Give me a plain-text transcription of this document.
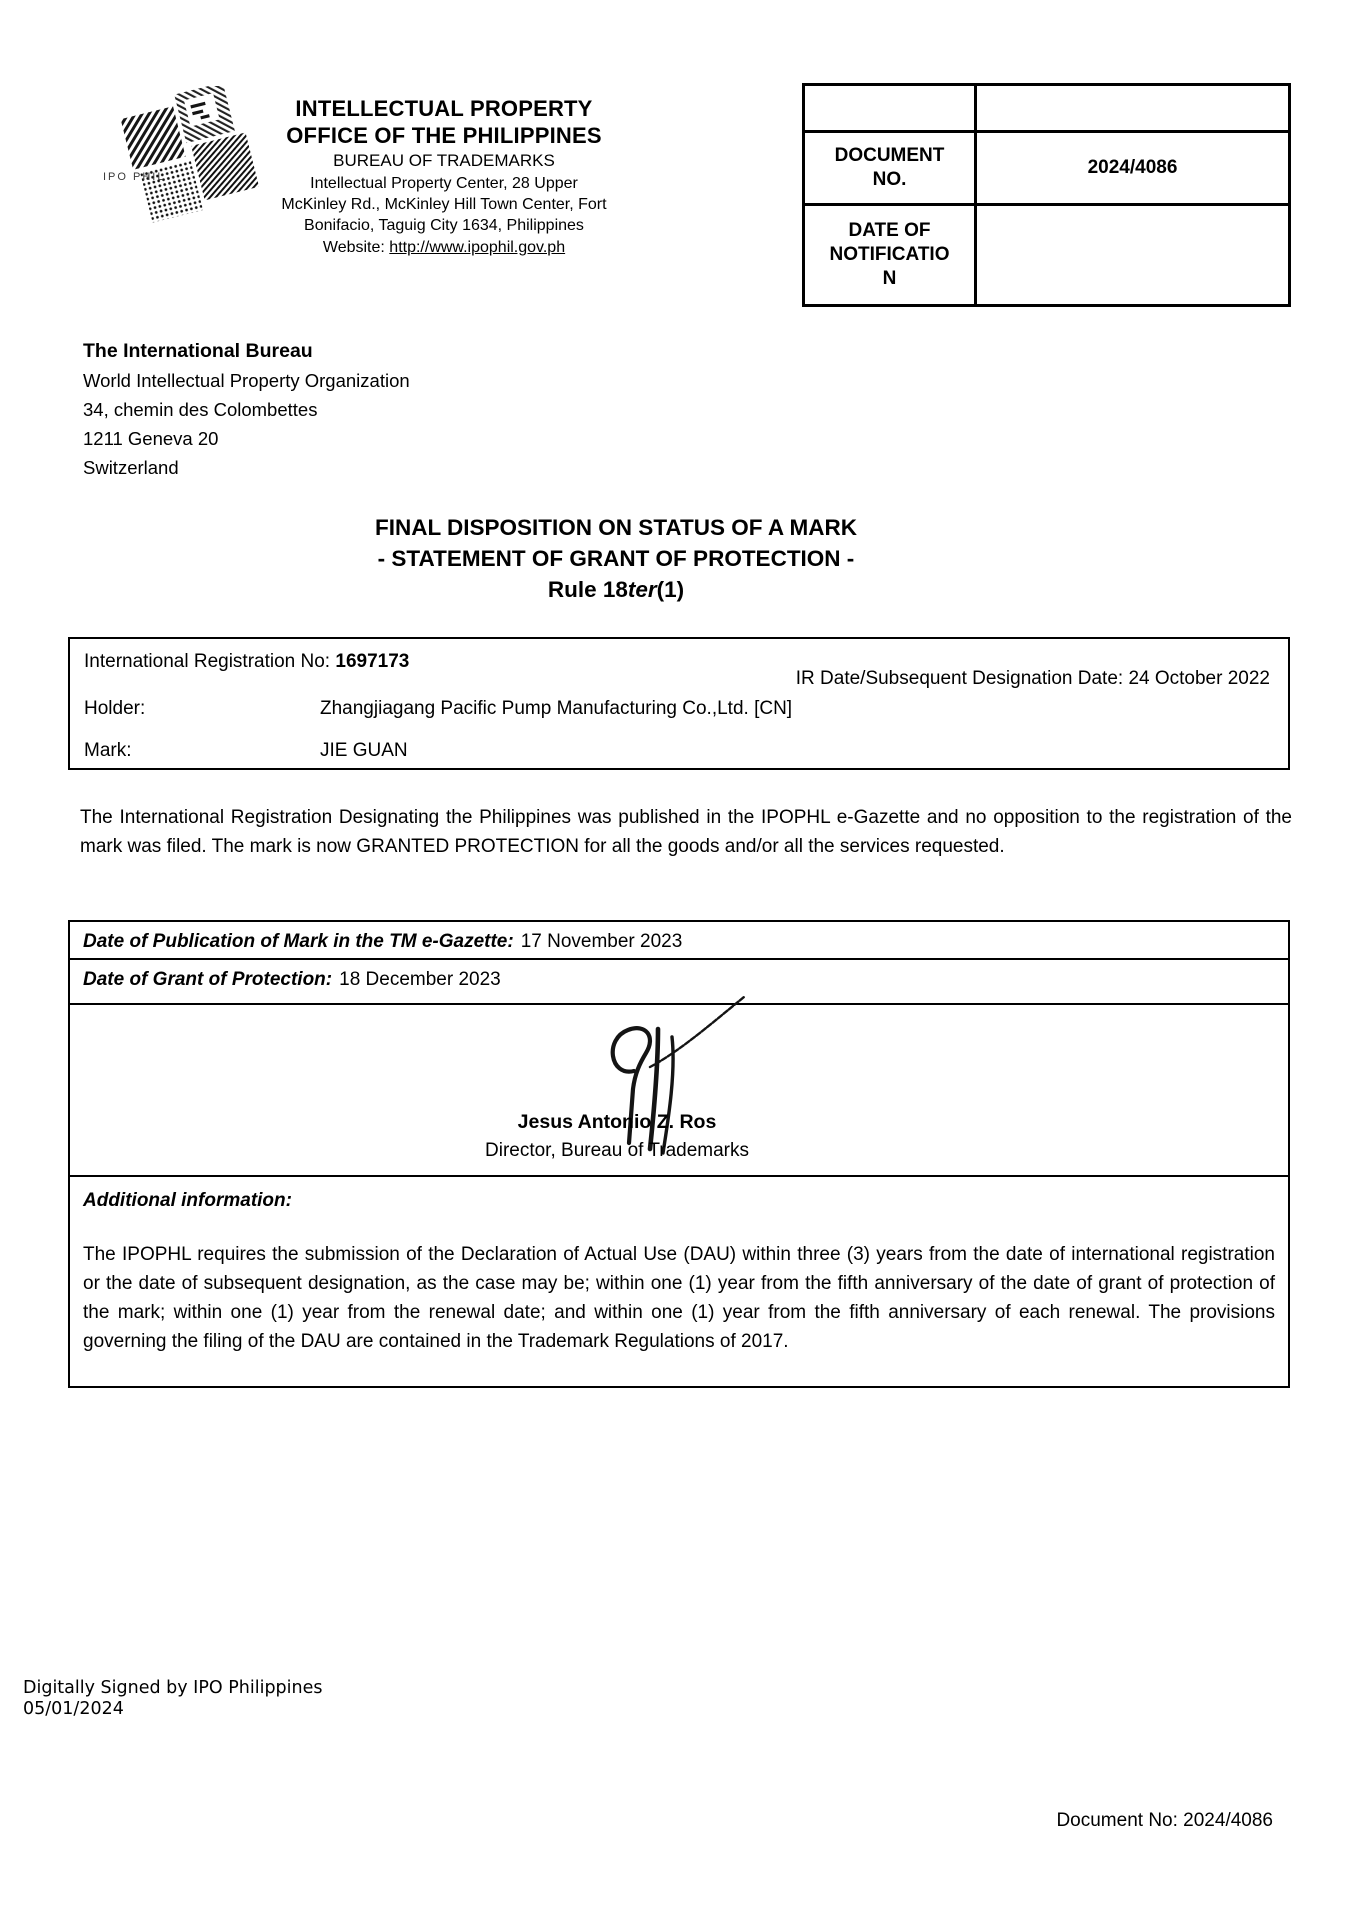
IPO PHIL
INTELLECTUAL PROPERTY
OFFICE OF THE PHILIPPINES
BUREAU OF TRADEMARKS
Intellectual Property Center, 28 Upper
McKinley Rd., McKinley Hill Town Center, Fort
Bonifacio, Taguig City 1634, Philippines
Website: http://www.ipophil.gov.ph
DOCUMENT NO.
2024/4086
DATE OF NOTIFICATION
The International Bureau
World Intellectual Property Organization
34, chemin des Colombettes
1211 Geneva 20
Switzerland
FINAL DISPOSITION ON STATUS OF A MARK
- STATEMENT OF GRANT OF PROTECTION -
Rule 18ter(1)
International Registration No: 1697173
IR Date/Subsequent Designation Date: 24 October 2022
Holder:	Zhangjiagang Pacific Pump Manufacturing Co.,Ltd. [CN]
Mark:	JIE GUAN
The International Registration Designating the Philippines was published in the IPOPHL e-Gazette and no opposition to the registration of the mark was filed. The mark is now GRANTED PROTECTION for all the goods and/or all the services requested.
Date of Publication of Mark in the TM e-Gazette: 17 November 2023
Date of Grant of Protection: 18 December 2023
Jesus Antonio Z. Ros
Director, Bureau of Trademarks
Additional information:
The IPOPHL requires the submission of the Declaration of Actual Use (DAU) within three (3) years from the date of international registration or the date of subsequent designation, as the case may be; within one (1) year from the fifth anniversary of the date of grant of protection of the mark; within one (1) year from the renewal date; and within one (1) year from the fifth anniversary of each renewal. The provisions governing the filing of the DAU are contained in the Trademark Regulations of 2017.
Digitally Signed by IPO Philippines
05/01/2024
Document No: 2024/4086
